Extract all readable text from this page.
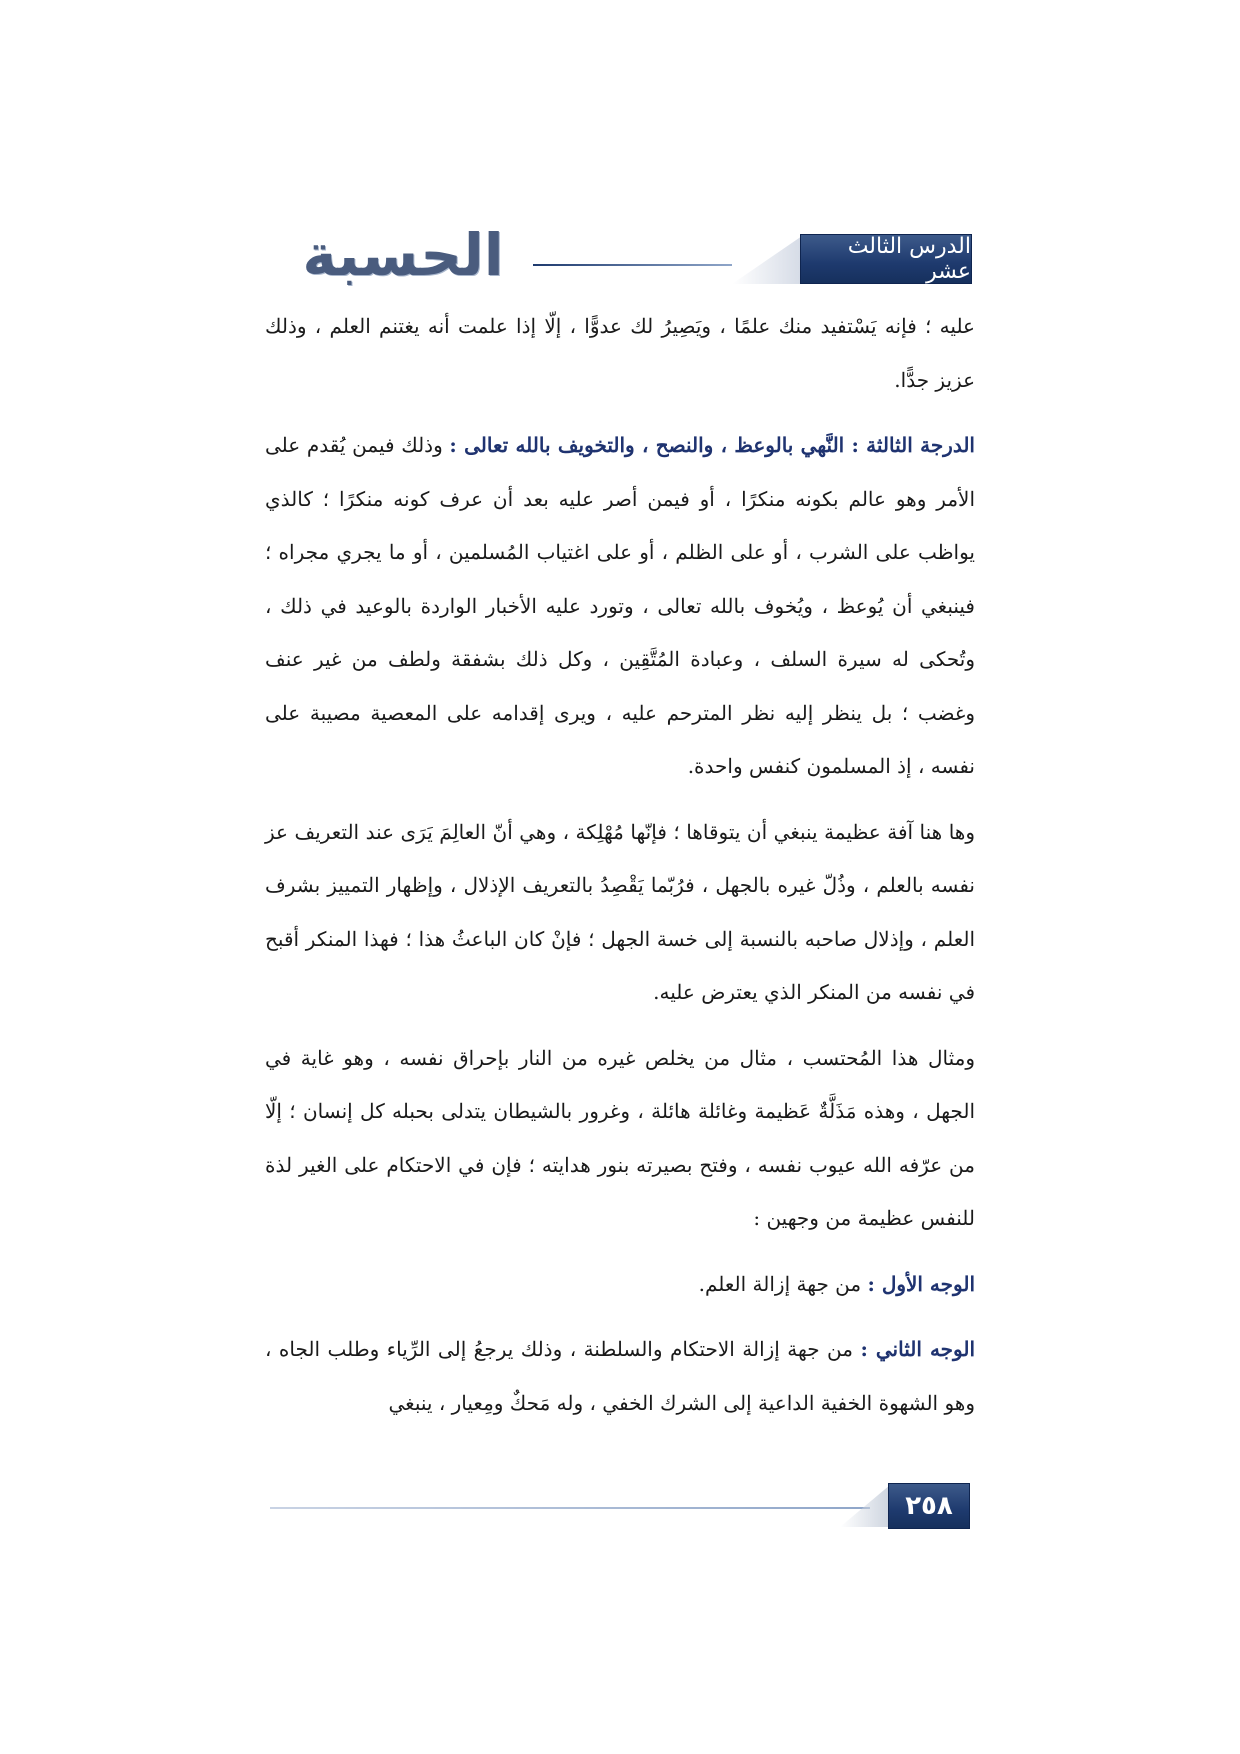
الحسبة	الدرس الثالث عشر

عليه ؛ فإنه يَسْتفيد منك علمًا ، ويَصِيرُ لك عدوًّا ، إلّا إذا علمت أنه يغتنم العلم ، وذلك عزيز جدًّا.

الدرجة الثالثة : النَّهي بالوعظ ، والنصح ، والتخويف بالله تعالى : وذلك فيمن يُقدم على الأمر وهو عالم بكونه منكرًا ، أو فيمن أصر عليه بعد أن عرف كونه منكرًا ؛ كالذي يواظب على الشرب ، أو على الظلم ، أو على اغتياب المُسلمين ، أو ما يجري مجراه ؛ فينبغي أن يُوعظ ، ويُخوف بالله تعالى ، وتورد عليه الأخبار الواردة بالوعيد في ذلك ، وتُحكى له سيرة السلف ، وعبادة المُتَّقِين ، وكل ذلك بشفقة ولطف من غير عنف وغضب ؛ بل ينظر إليه نظر المترحم عليه ، ويرى إقدامه على المعصية مصيبة على نفسه ، إذ المسلمون كنفس واحدة.

وها هنا آفة عظيمة ينبغي أن يتوقاها ؛ فإنّها مُهْلِكة ، وهي أنّ العالِمَ يَرَى عند التعريف عز نفسه بالعلم ، وذُلّ غيره بالجهل ، فرُبّما يَقْصِدُ بالتعريف الإذلال ، وإظهار التمييز بشرف العلم ، وإذلال صاحبه بالنسبة إلى خسة الجهل ؛ فإنْ كان الباعثُ هذا ؛ فهذا المنكر أقبح في نفسه من المنكر الذي يعترض عليه.

ومثال هذا المُحتسب ، مثال من يخلص غيره من النار بإحراق نفسه ، وهو غاية في الجهل ، وهذه مَذَلَّةٌ عَظيمة وغائلة هائلة ، وغرور بالشيطان يتدلى بحبله كل إنسان ؛ إلّا من عرّفه الله عيوب نفسه ، وفتح بصيرته بنور هدايته ؛ فإن في الاحتكام على الغير لذة للنفس عظيمة من وجهين :

الوجه الأول : من جهة إزالة العلم.

الوجه الثاني : من جهة إزالة الاحتكام والسلطنة ، وذلك يرجعُ إلى الرِّياء وطلب الجاه ، وهو الشهوة الخفية الداعية إلى الشرك الخفي ، وله مَحكٌ ومِعيار ، ينبغي

٢٥٨
